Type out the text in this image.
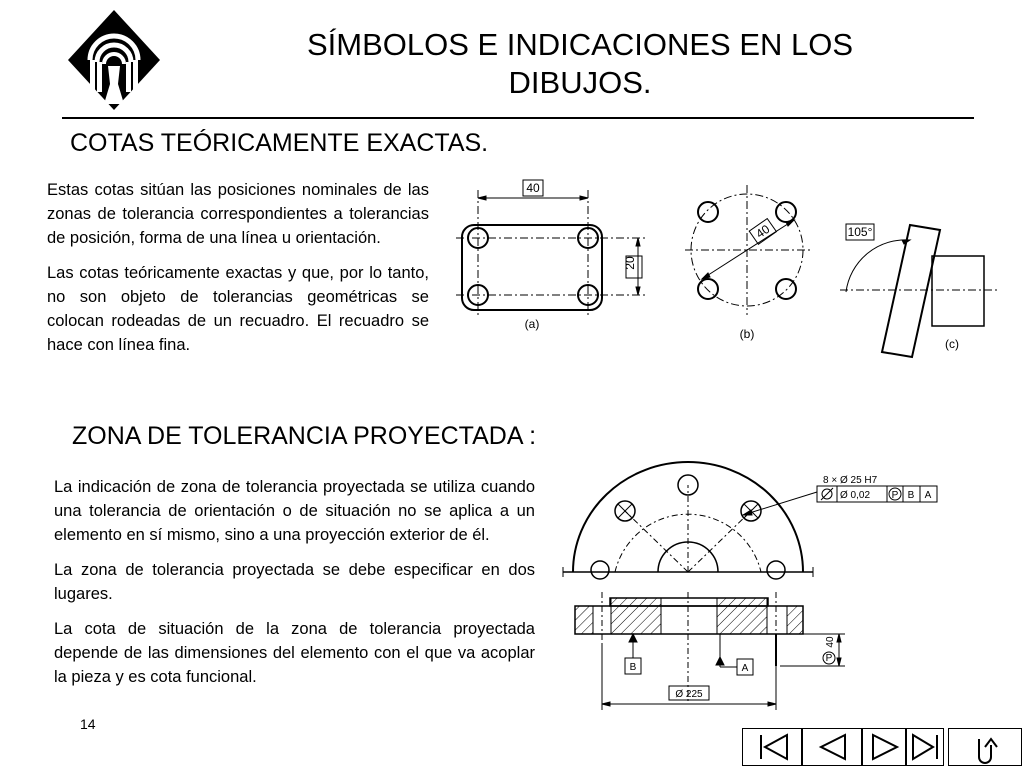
SÍMBOLOS E INDICACIONES EN LOS DIBUJOS.
COTAS TEÓRICAMENTE EXACTAS.

Estas cotas sitúan las posiciones nominales de las zonas de tolerancia correspondientes a tolerancias de posición, forma de una línea u orientación.

Las cotas teóricamente exactas y que, por lo tanto, no son objeto de tolerancias geométricas se colocan rodeadas de un recuadro. El recuadro se hace con línea fina.

40
20
(a)
40
(b)
105°
(c)
ZONA DE TOLERANCIA PROYECTADA :

La indicación de zona de tolerancia proyectada se utiliza cuando una tolerancia de orientación o de situación no se aplica a un elemento en sí mismo, sino a una proyección exterior de él.

La zona de tolerancia proyectada se debe especificar en dos lugares.

La cota de situación de la zona de tolerancia proyectada depende de las dimensiones del elemento con el que va acoplar la pieza y es cota funcional.

8 × Ø 25 H7
Ø 0,02 P B A
P
40
B	A
Ø 225
14
